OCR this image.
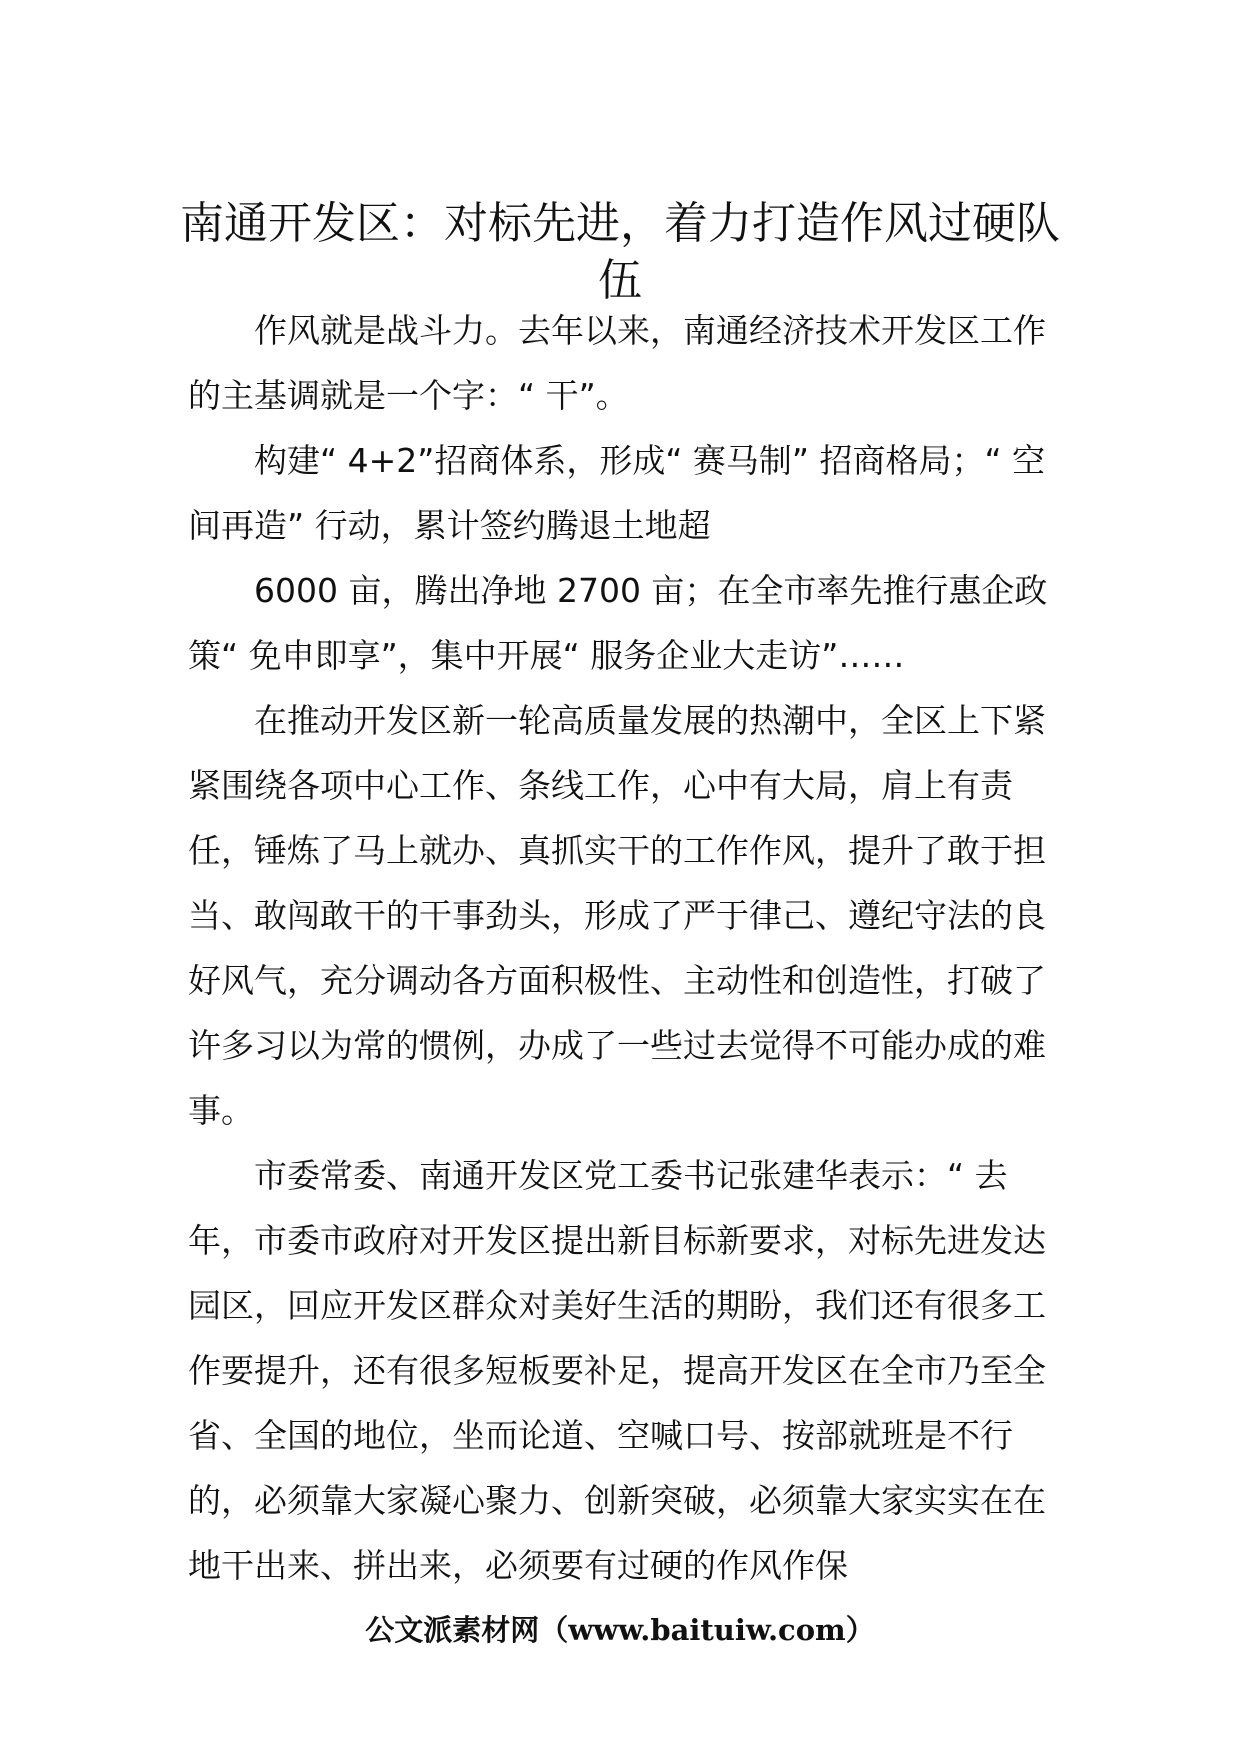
南通开发区：对标先进，着力打造作风过硬队伍

作风就是战斗力。去年以来，南通经济技术开发区工作的主基调就是一个字：“ 干”。

构建“ 4+2”招商体系，形成“ 赛马制” 招商格局；“ 空间再造” 行动，累计签约腾退土地超

6000 亩，腾出净地 2700 亩；在全市率先推行惠企政策“ 免申即享”，集中开展“ 服务企业大走访”……

在推动开发区新一轮高质量发展的热潮中，全区上下紧紧围绕各项中心工作、条线工作，心中有大局，肩上有责任，锤炼了马上就办、真抓实干的工作作风，提升了敢于担当、敢闯敢干的干事劲头，形成了严于律己、遵纪守法的良好风气，充分调动各方面积极性、主动性和创造性，打破了许多习以为常的惯例，办成了一些过去觉得不可能办成的难事。

市委常委、南通开发区党工委书记张建华表示：“ 去年，市委市政府对开发区提出新目标新要求，对标先进发达园区，回应开发区群众对美好生活的期盼，我们还有很多工作要提升，还有很多短板要补足，提高开发区在全市乃至全省、全国的地位，坐而论道、空喊口号、按部就班是不行的，必须靠大家凝心聚力、创新突破，必须靠大家实实在在地干出来、拼出来，必须要有过硬的作风作保

公文派素材网（www.baituiw.com）
